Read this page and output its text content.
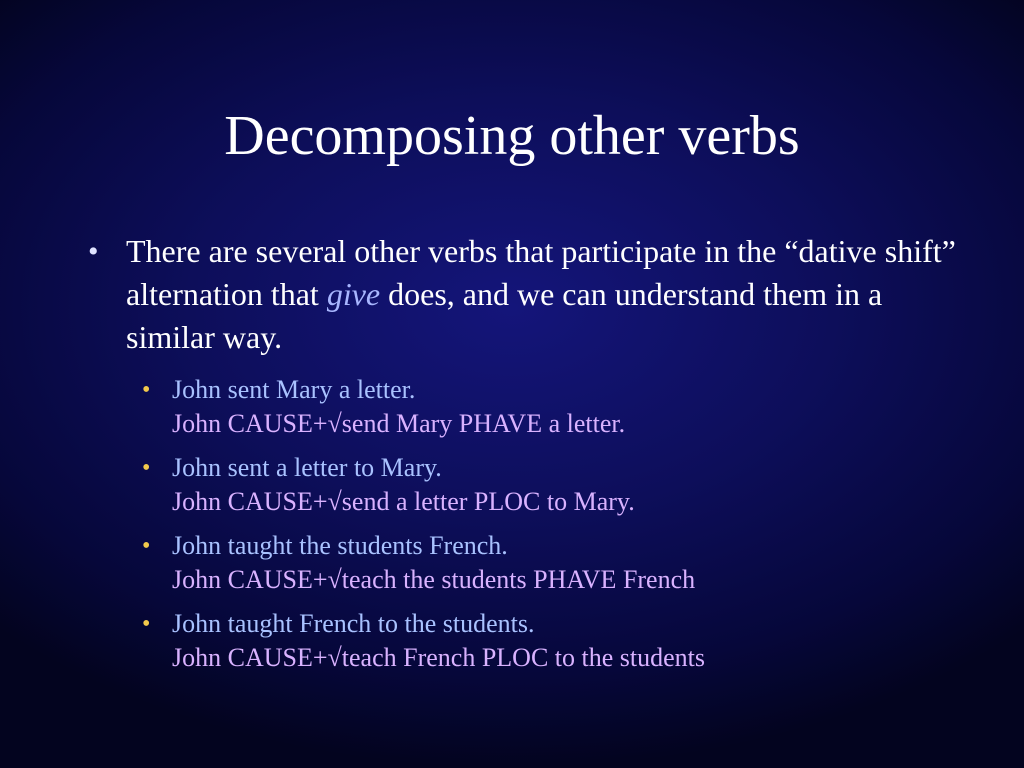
Decomposing other verbs
• There are several other verbs that participate in the “dative shift” alternation that give does, and we can understand them in a similar way.
• John sent Mary a letter.
John CAUSE+√send Mary PHAVE a letter.
• John sent a letter to Mary.
John CAUSE+√send a letter PLOC to Mary.
• John taught the students French.
John CAUSE+√teach the students PHAVE French
• John taught French to the students.
John CAUSE+√teach French PLOC to the students
